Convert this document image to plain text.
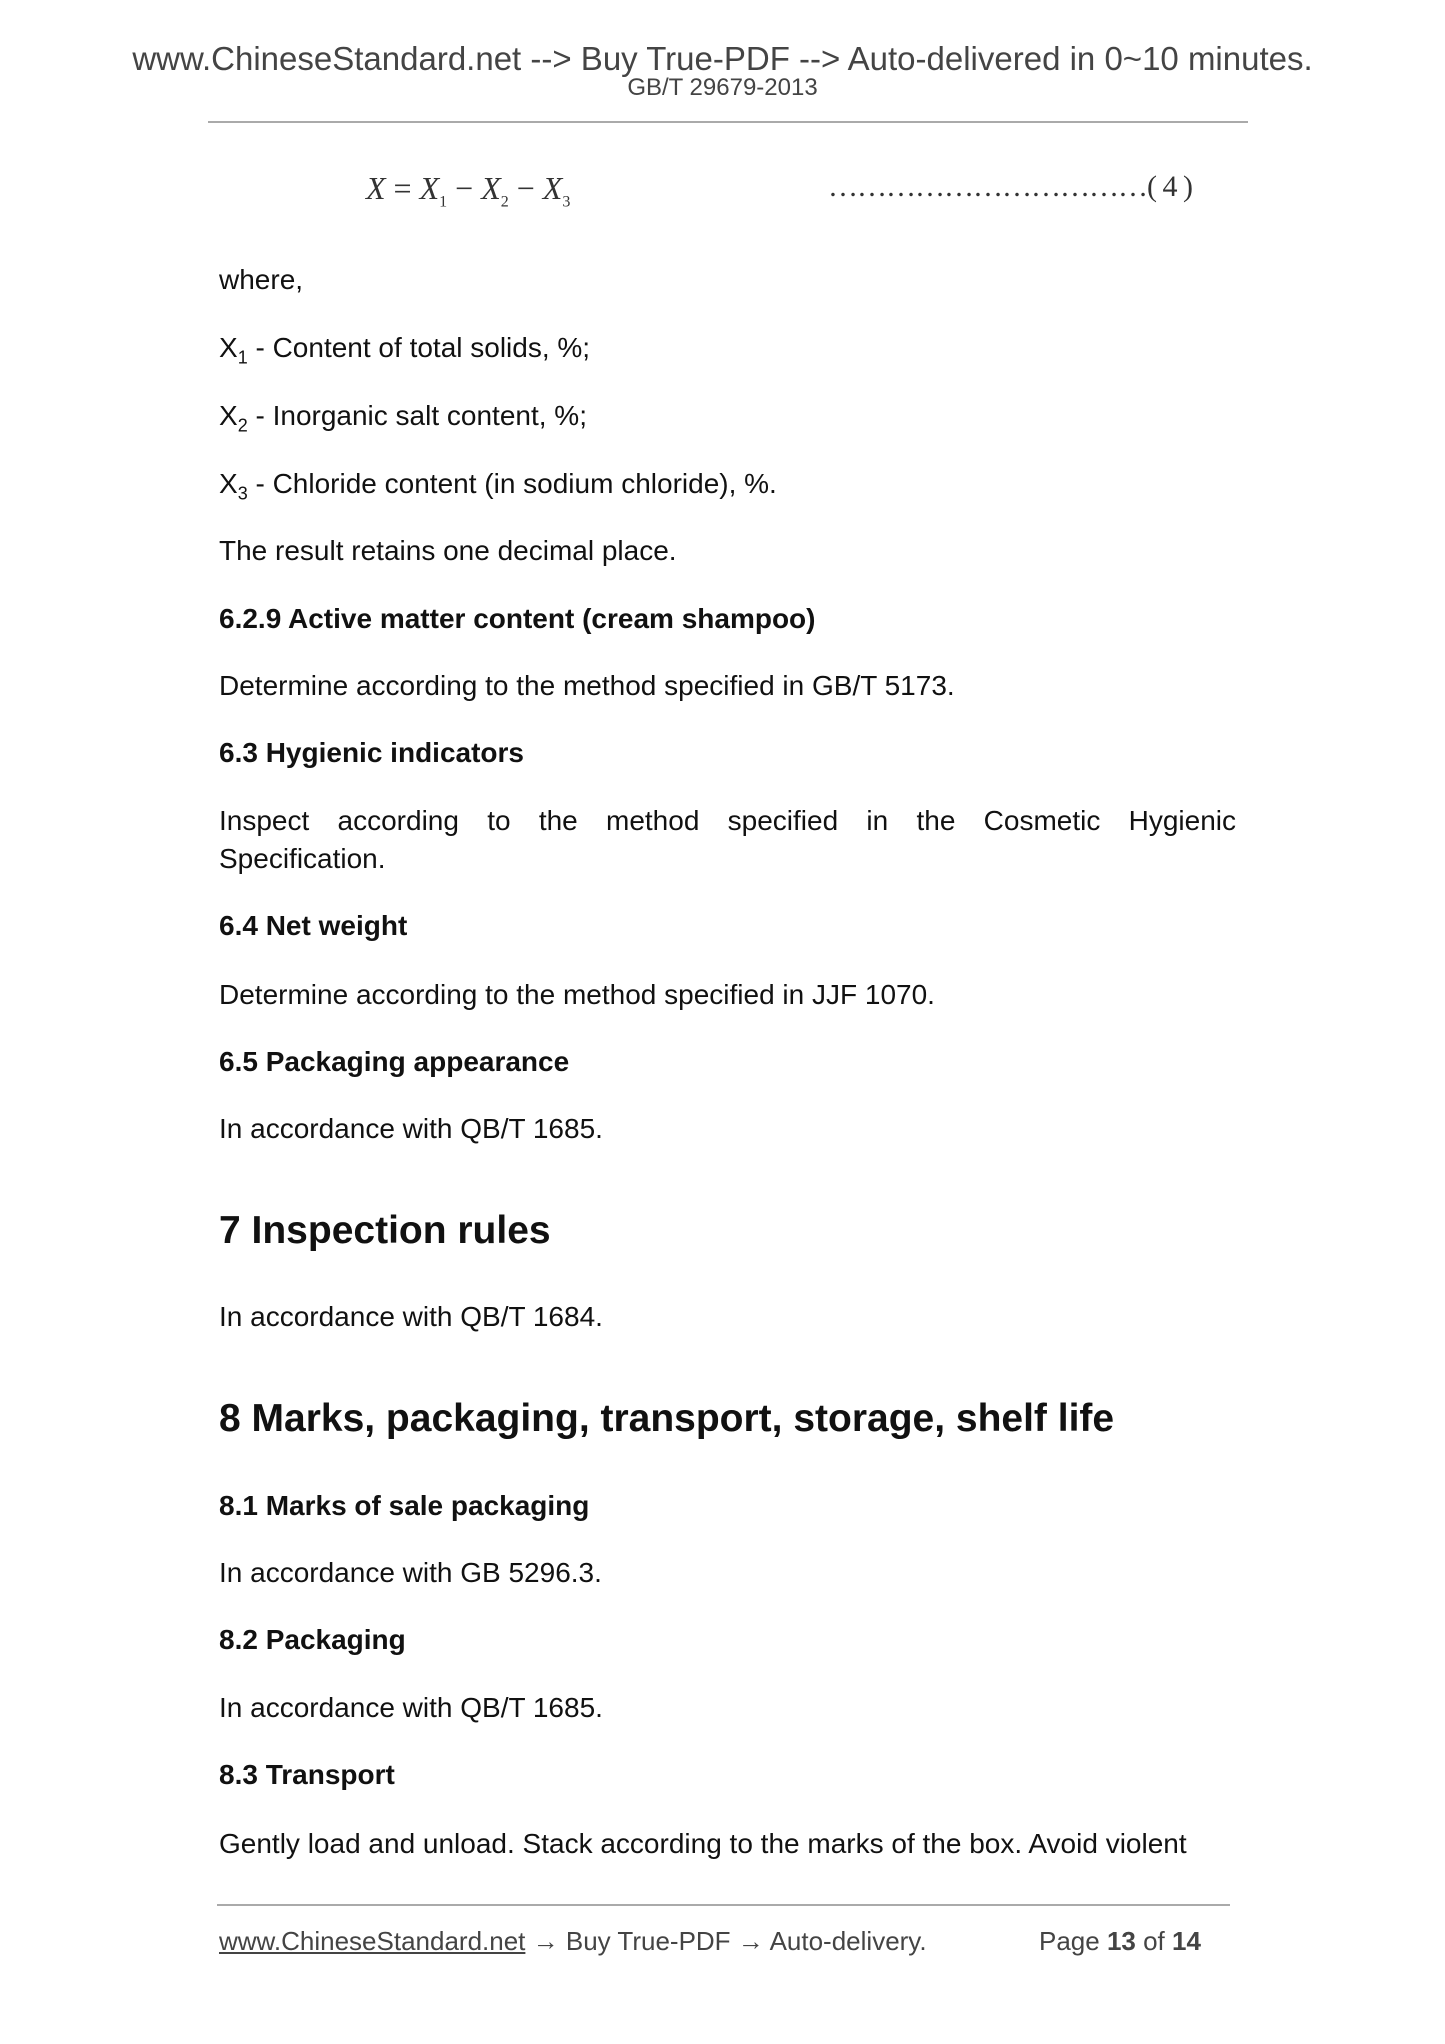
www.ChineseStandard.net --> Buy True-PDF --> Auto-delivered in 0~10 minutes.
GB/T 29679-2013
$X = X_1 - X_2 - X_3$	……………………………( 4 )
where,
$X_1$ - Content of total solids, %;
$X_2$ - Inorganic salt content, %;
$X_3$ - Chloride content (in sodium chloride), %.
The result retains one decimal place.
6.2.9 Active matter content (cream shampoo)
Determine according to the method specified in GB/T 5173.
6.3 Hygienic indicators
Inspect according to the method specified in the Cosmetic Hygienic
Specification.
6.4 Net weight
Determine according to the method specified in JJF 1070.
6.5 Packaging appearance
In accordance with QB/T 1685.
7 Inspection rules
In accordance with QB/T 1684.
8 Marks, packaging, transport, storage, shelf life
8.1 Marks of sale packaging
In accordance with GB 5296.3.
8.2 Packaging
In accordance with QB/T 1685.
8.3 Transport
Gently load and unload. Stack according to the marks of the box. Avoid violent
www.ChineseStandard.net → Buy True-PDF → Auto-delivery.	Page 13 of 14
